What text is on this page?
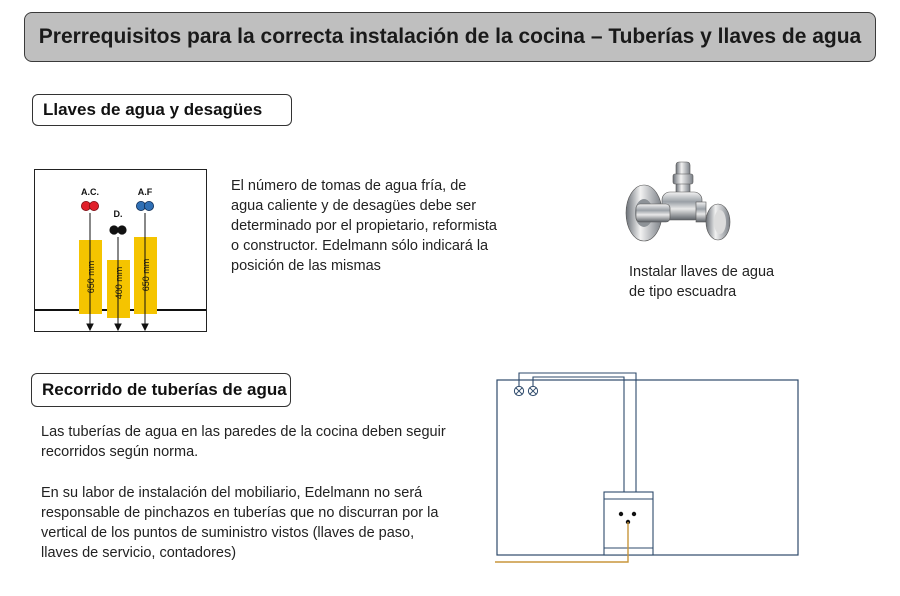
Prerrequisitos para la correcta instalación de la cocina – Tuberías y llaves de agua
Llaves de agua y desagües
A.C.
D.
A.F
650 mm 400 mm 650 mm
El número de tomas de agua fría, de
agua caliente y de desagües debe ser
determinado por el propietario, reformista
o constructor. Edelmann sólo indicará la
posición de las mismas	Instalar llaves de agua
de tipo escuadra
Recorrido de tuberías de agua
Las tuberías de agua en las paredes de la cocina deben seguir
recorridos según norma.
En su labor de instalación del mobiliario, Edelmann no será
responsable de pinchazos en tuberías que no discurran por la
vertical de los puntos de suministro vistos (llaves de paso,
llaves de servicio, contadores)
